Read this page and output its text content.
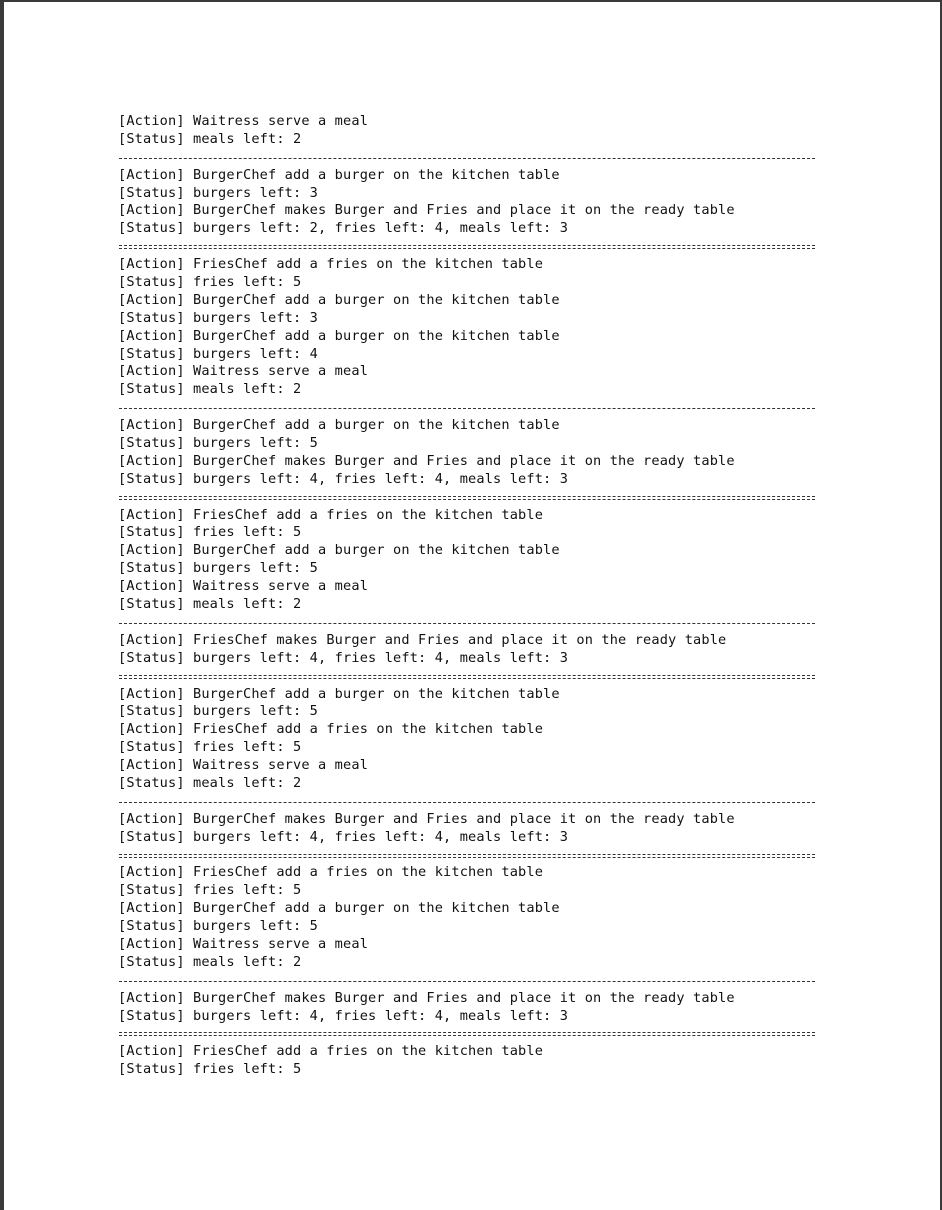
[Action] Waitress serve a meal
[Status] meals left: 2
[Action] BurgerChef add a burger on the kitchen table
[Status] burgers left: 3
[Action] BurgerChef makes Burger and Fries and place it on the ready table
[Status] burgers left: 2, fries left: 4, meals left: 3
[Action] FriesChef add a fries on the kitchen table
[Status] fries left: 5
[Action] BurgerChef add a burger on the kitchen table
[Status] burgers left: 3
[Action] BurgerChef add a burger on the kitchen table
[Status] burgers left: 4
[Action] Waitress serve a meal
[Status] meals left: 2
[Action] BurgerChef add a burger on the kitchen table
[Status] burgers left: 5
[Action] BurgerChef makes Burger and Fries and place it on the ready table
[Status] burgers left: 4, fries left: 4, meals left: 3
[Action] FriesChef add a fries on the kitchen table
[Status] fries left: 5
[Action] BurgerChef add a burger on the kitchen table
[Status] burgers left: 5
[Action] Waitress serve a meal
[Status] meals left: 2
[Action] FriesChef makes Burger and Fries and place it on the ready table
[Status] burgers left: 4, fries left: 4, meals left: 3
[Action] BurgerChef add a burger on the kitchen table
[Status] burgers left: 5
[Action] FriesChef add a fries on the kitchen table
[Status] fries left: 5
[Action] Waitress serve a meal
[Status] meals left: 2
[Action] BurgerChef makes Burger and Fries and place it on the ready table
[Status] burgers left: 4, fries left: 4, meals left: 3
[Action] FriesChef add a fries on the kitchen table
[Status] fries left: 5
[Action] BurgerChef add a burger on the kitchen table
[Status] burgers left: 5
[Action] Waitress serve a meal
[Status] meals left: 2
[Action] BurgerChef makes Burger and Fries and place it on the ready table
[Status] burgers left: 4, fries left: 4, meals left: 3
[Action] FriesChef add a fries on the kitchen table
[Status] fries left: 5
